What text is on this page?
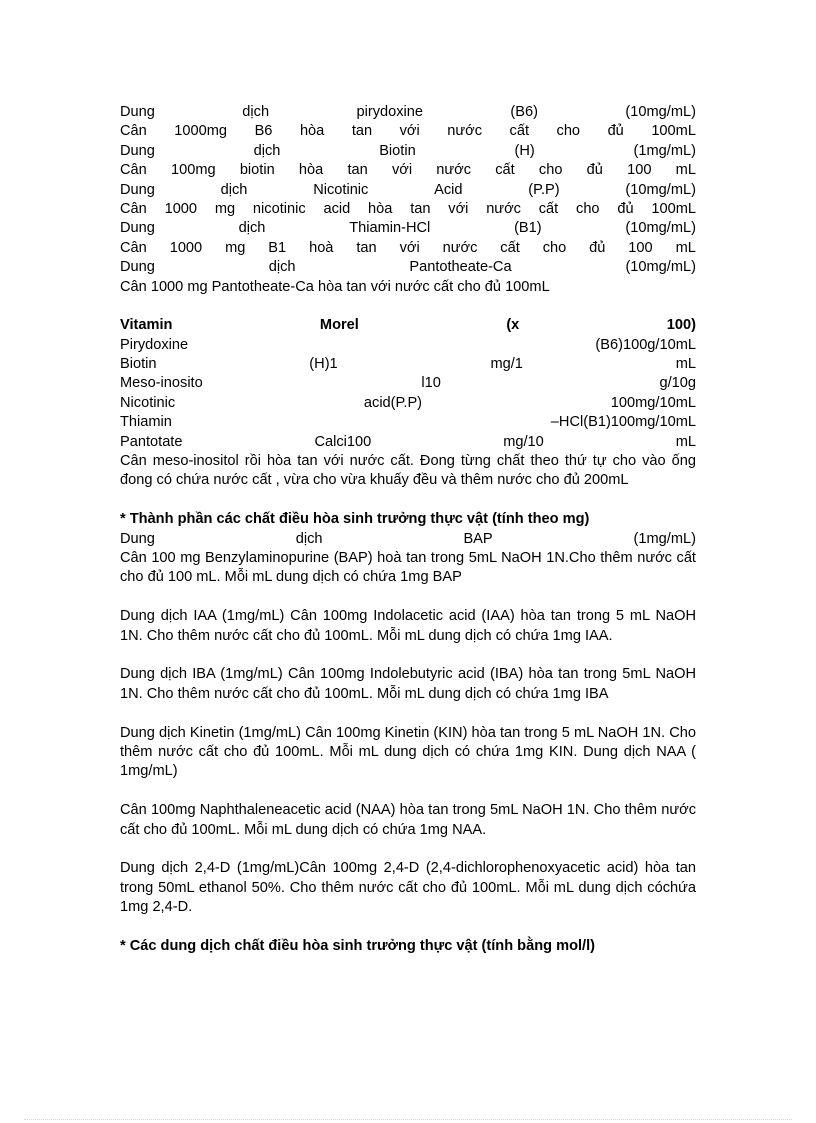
Dung	dịch	pirydoxine	(B6)	(10mg/mL)
Cân 1000mg B6 hòa tan với nước cất cho đủ 100mL
Dung	dịch	Biotin	(H)	(1mg/mL)
Cân 100mg biotin hòa tan với nước cất cho đủ 100 mL
Dung	dịch	Nicotinic	Acid	(P.P)	(10mg/mL)
Cân 1000 mg nicotinic acid hòa tan với nước cất cho đủ 100mL
Dung	dịch	Thiamin-HCl	(B1)	(10mg/mL)
Cân 1000 mg B1 hoà tan với nước cất cho đủ 100 mL
Dung	dịch	Pantotheate-Ca	(10mg/mL)
Cân 1000 mg Pantotheate-Ca hòa tan với nước cất cho đủ 100mL
Vitamin	Morel	(x	100)
Pirydoxine	(B6)100g/10mL
Biotin	(H)1	mg/1	mL
Meso-inosito	l10	g/10g
Nicotinic	acid(P.P)	100mg/10mL
Thiamin	–HCl(B1)100mg/10mL
Pantotate	Calci100	mg/10	mL

Cân meso-inositol rồi hòa tan với nước cất. Đong từng chất theo thứ tự cho vào ống đong có chứa nước cất , vừa cho vừa khuấy đều và thêm nước cho đủ 200mL

* Thành phần các chất điều hòa sinh trưởng thực vật (tính theo mg)
Dung	dịch	BAP	(1mg/mL)

Cân 100 mg Benzylaminopurine (BAP) hoà tan trong 5mL NaOH 1N.Cho thêm nước cất cho đủ 100 mL. Mỗi mL dung dịch có chứa 1mg BAP

Dung dịch IAA (1mg/mL) Cân 100mg Indolacetic acid (IAA) hòa tan trong 5 mL NaOH 1N. Cho thêm nước cất cho đủ 100mL. Mỗi mL dung dịch có chứa 1mg IAA.

Dung dịch IBA (1mg/mL) Cân 100mg Indolebutyric acid (IBA) hòa tan trong 5mL NaOH 1N. Cho thêm nước cất cho đủ 100mL. Mỗi mL dung dịch có chứa 1mg IBA

Dung dịch Kinetin (1mg/mL) Cân 100mg Kinetin (KIN) hòa tan trong 5 mL NaOH 1N. Cho thêm nước cất cho đủ 100mL. Mỗi mL dung dịch có chứa 1mg KIN. Dung dịch NAA ( 1mg/mL)

Cân 100mg Naphthaleneacetic acid (NAA) hòa tan trong 5mL NaOH 1N. Cho thêm nước cất cho đủ 100mL. Mỗi mL dung dịch có chứa 1mg NAA.

Dung dịch 2,4-D (1mg/mL)Cân 100mg 2,4-D (2,4-dichlorophenoxyacetic acid) hòa tan trong 50mL ethanol 50%. Cho thêm nước cất cho đủ 100mL. Mỗi mL dung dịch cóchứa 1mg 2,4-D.

* Các dung dịch chất điều hòa sinh trưởng thực vật (tính bằng mol/l)
